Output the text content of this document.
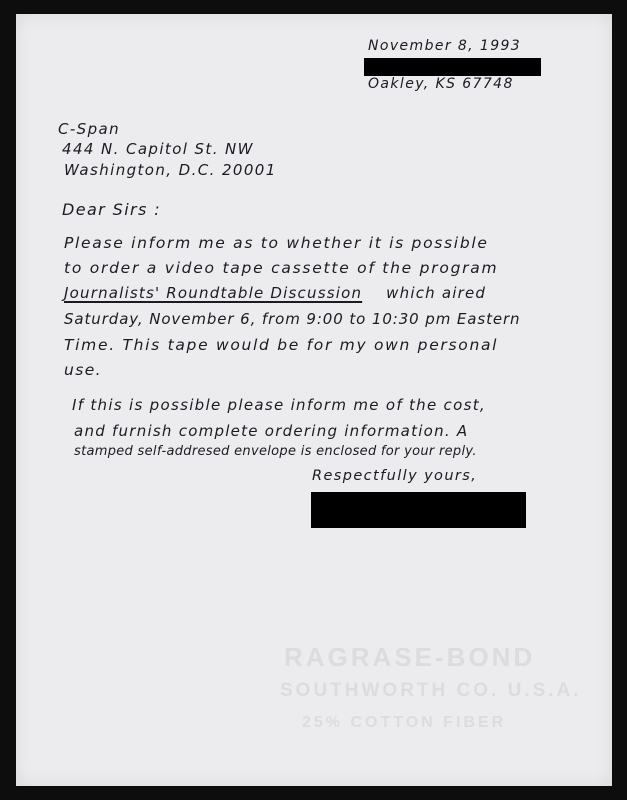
November 8, 1993
Oakley, KS 67748
C-Span
444 N. Capitol St. NW
Washington, D.C. 20001
Dear Sirs :
Please inform me as to whether it is possible
to order a video tape cassette of the program
Journalists' Roundtable Discussion which aired
Saturday, November 6, from 9:00 to 10:30 pm Eastern
Time. This tape would be for my own personal
use.
If this is possible please inform me of the cost,
and furnish complete ordering information. A
stamped self-addresed envelope is enclosed for your reply.
Respectfully yours,
RAGRASE-BOND
SOUTHWORTH CO. U.S.A.
25% COTTON FIBER
